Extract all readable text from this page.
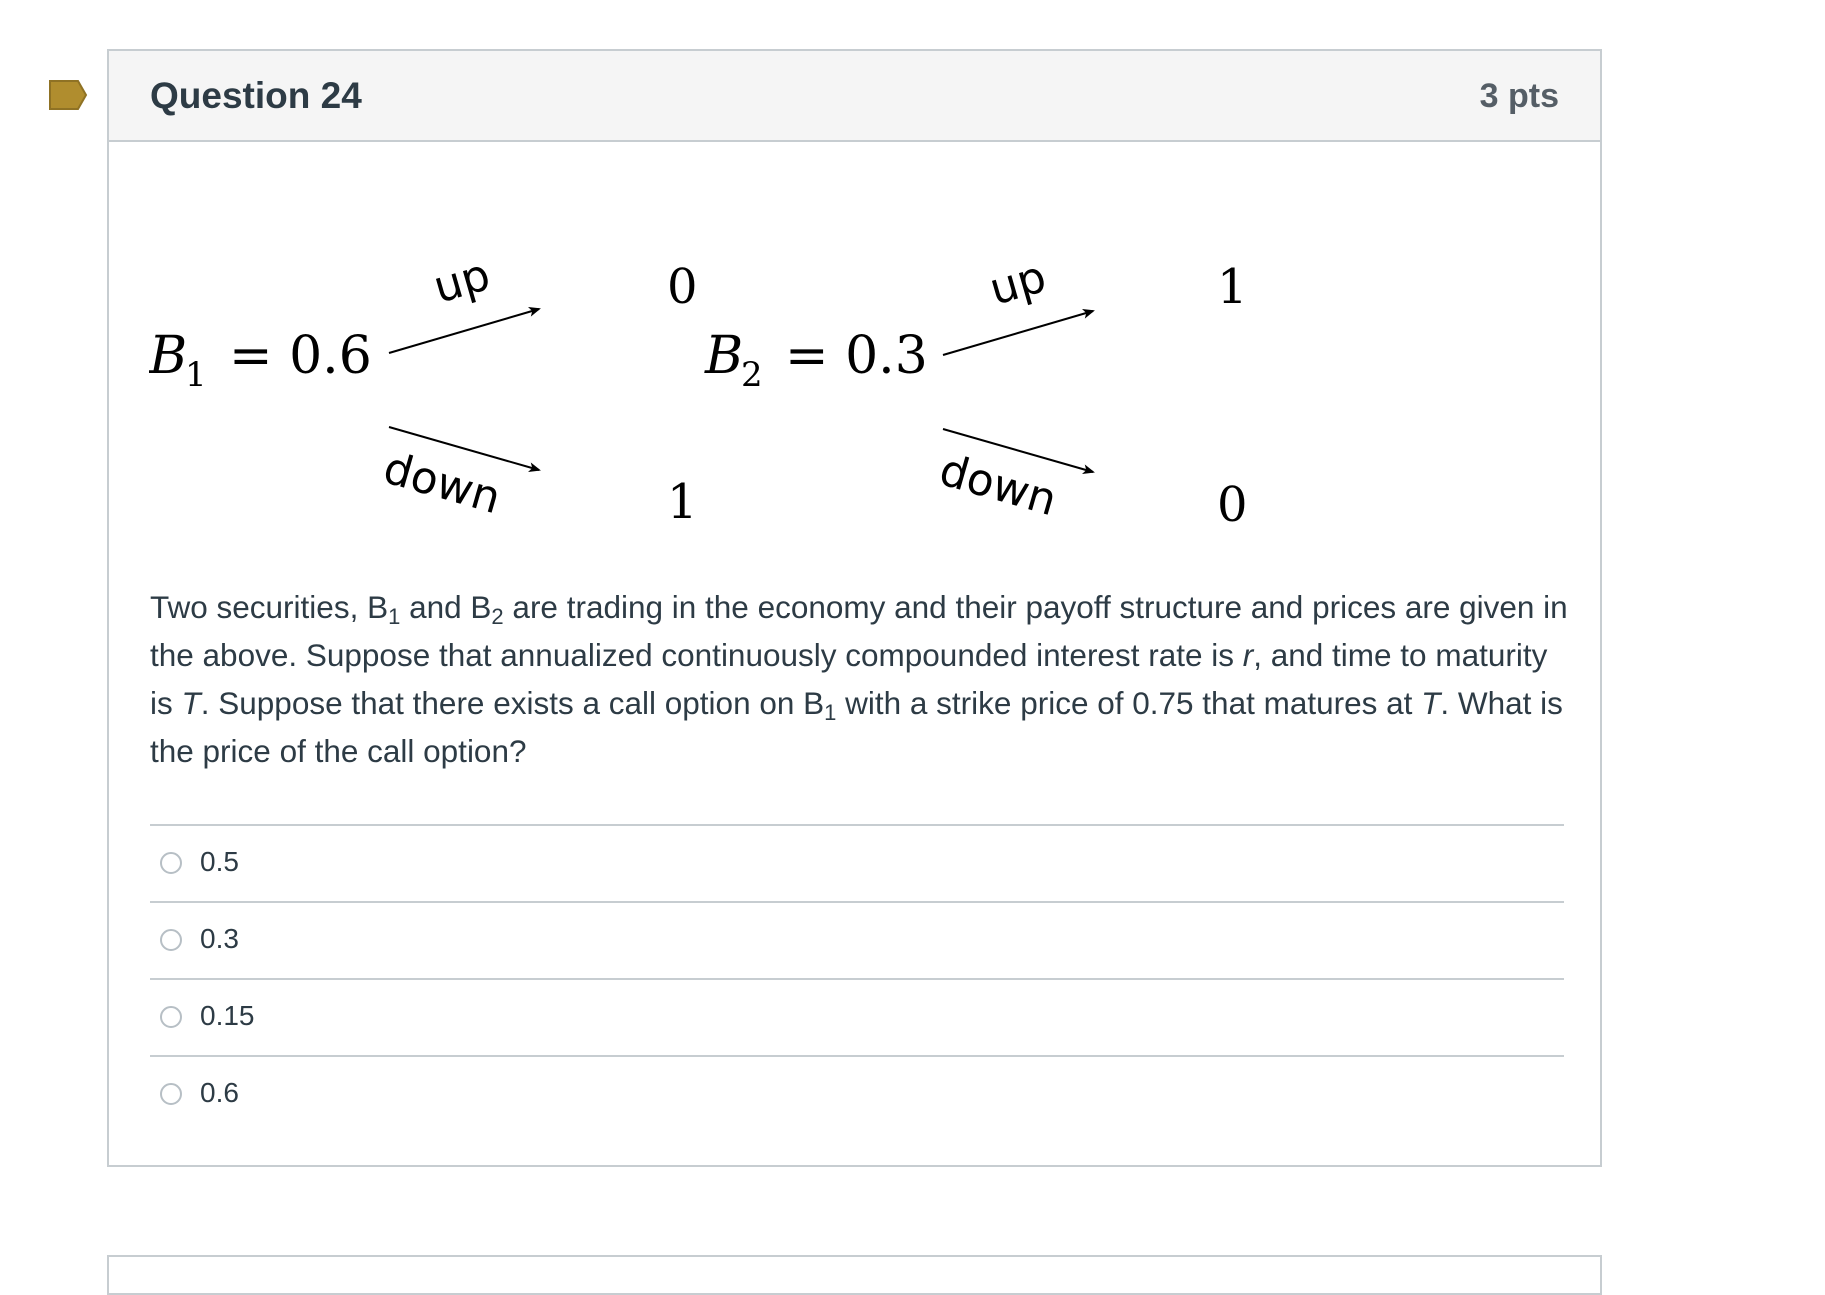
Question 24	3 pts
B
1 = 0.6
up
down
0
1
B
2 = 0.3
up
down
1
0

Two securities, $B_1$ and $B_2$ are trading in the economy and their payoff structure and prices are given in the above. Suppose that annualized continuously compounded interest rate is r, and time to maturity is T. Suppose that there exists a call option on $B_1$ with a strike price of 0.75 that matures at T. What is the price of the call option?

0.5
0.3
0.15
0.6
